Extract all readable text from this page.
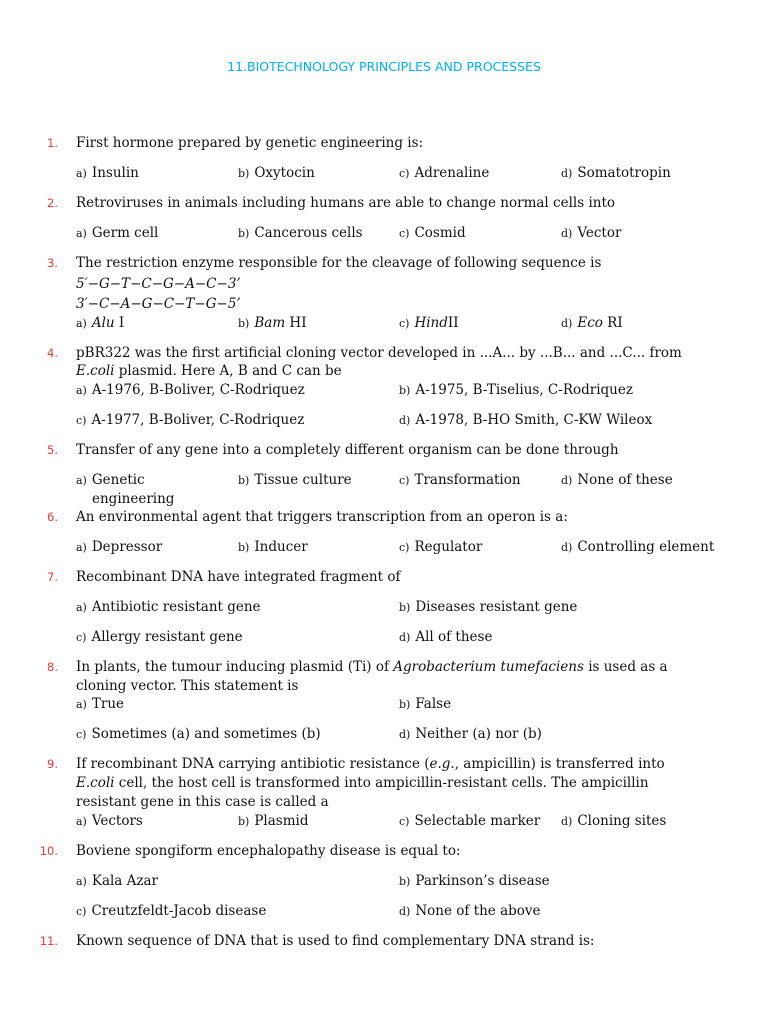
11.BIOTECHNOLOGY PRINCIPLES AND PROCESSES
1. First hormone prepared by genetic engineering is:
a) Insulin	b) Oxytocin	c) Adrenaline	d) Somatotropin
2. Retroviruses in animals including humans are able to change normal cells into
a) Germ cell	b) Cancerous cells	c) Cosmid	d) Vector
3. The restriction enzyme responsible for the cleavage of following sequence is
5′−G−T−C−G−A−C−3’
3′−C−A−G−C−T−G−5’
a) Alu I	b) Bam HI	c) HindII	d) Eco RI
4. pBR322 was the first artificial cloning vector developed in ...A... by ...B... and ...C... from
E.coli plasmid. Here A, B and C can be
a) A-1976, B-Boliver, C-Rodriquez	b) A-1975, B-Tiselius, C-Rodriquez
c) A-1977, B-Boliver, C-Rodriquez	d) A-1978, B-HO Smith, C-KW Wileox
5. Transfer of any gene into a completely different organism can be done through
a) Genetic
engineering
b) Tissue culture	c) Transformation	d) None of these
6. An environmental agent that triggers transcription from an operon is a:
a) Depressor	b) Inducer	c) Regulator	d) Controlling element
7. Recombinant DNA have integrated fragment of
a) Antibiotic resistant gene	b) Diseases resistant gene
c) Allergy resistant gene	d) All of these
8. In plants, the tumour inducing plasmid (Ti) of Agrobacterium tumefaciens is used as a
cloning vector. This statement is
a) True	b) False
c) Sometimes (a) and sometimes (b)	d) Neither (a) nor (b)
9. If recombinant DNA carrying antibiotic resistance (e.g., ampicillin) is transferred into
E.coli cell, the host cell is transformed into ampicillin-resistant cells. The ampicillin
resistant gene in this case is called a
a) Vectors	b) Plasmid	c) Selectable marker d) Cloning sites
10. Boviene spongiform encephalopathy disease is equal to:
a) Kala Azar	b) Parkinson’s disease
c) Creutzfeldt-Jacob disease	d) None of the above
11. Known sequence of DNA that is used to find complementary DNA strand is:
